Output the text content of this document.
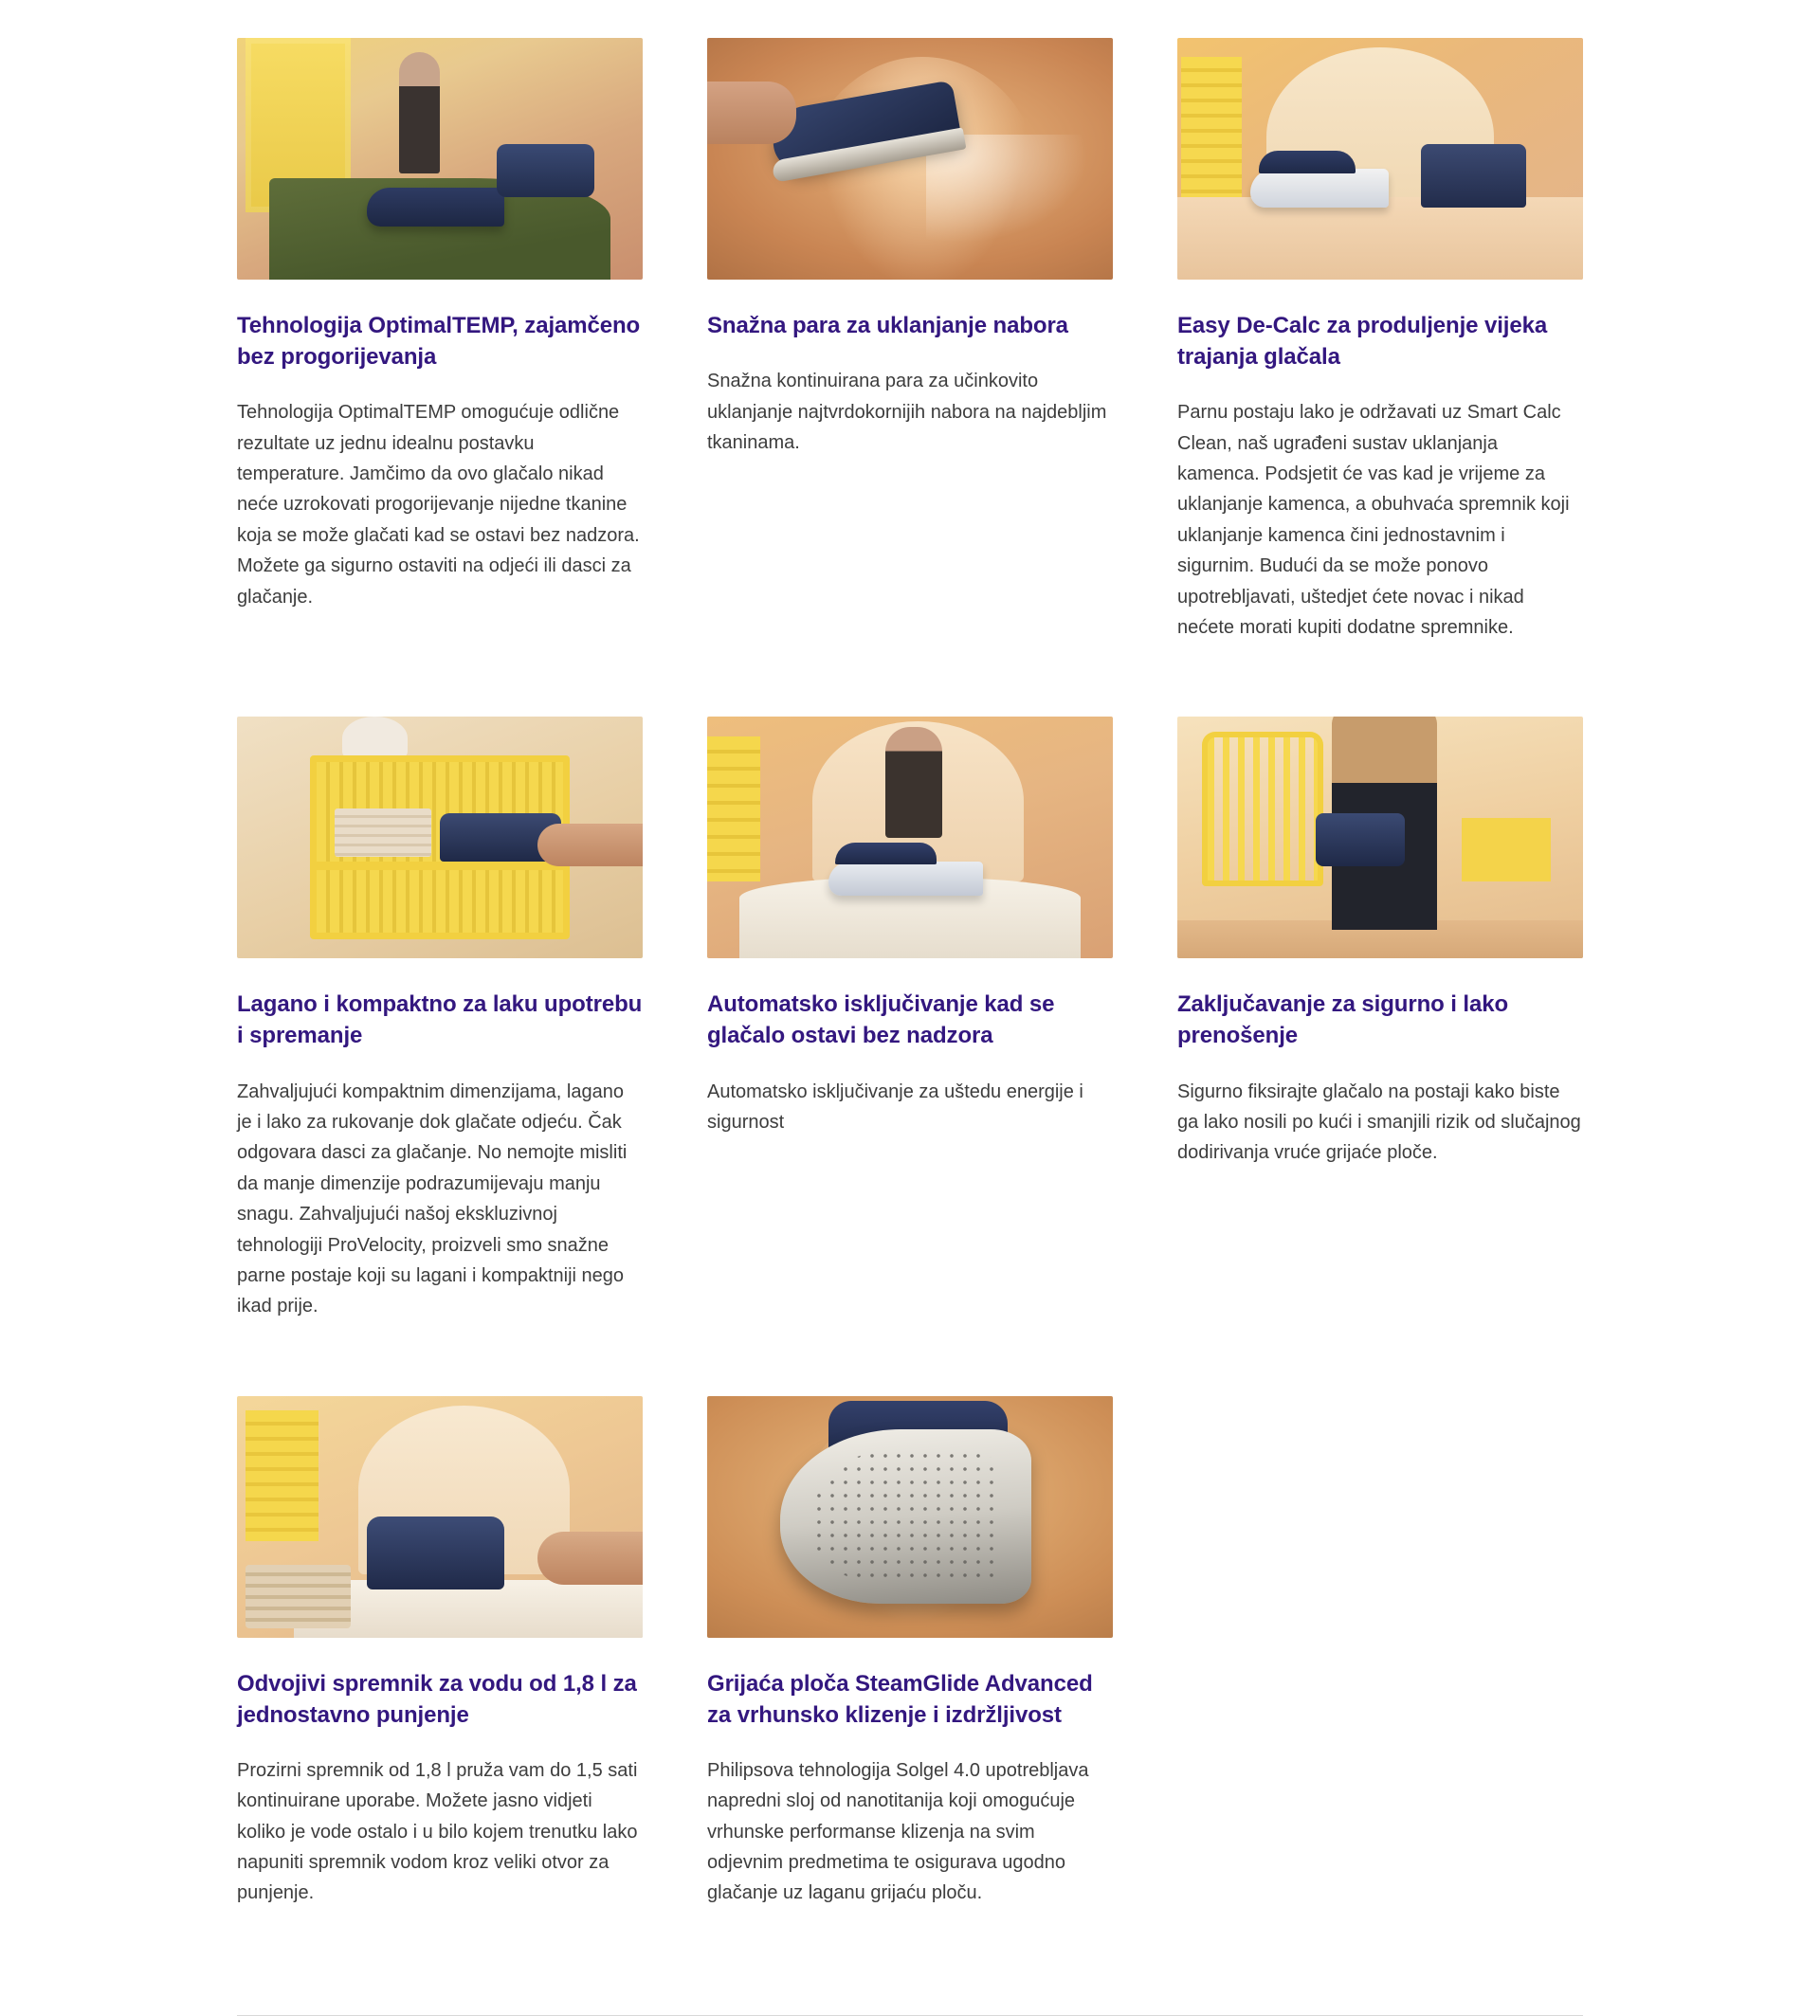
Tehnologija OptimalTEMP, zajamčeno bez progorijevanja

Tehnologija OptimalTEMP omogućuje odlične rezultate uz jednu idealnu postavku temperature. Jamčimo da ovo glačalo nikad neće uzrokovati progorijevanje nijedne tkanine koja se može glačati kad se ostavi bez nadzora. Možete ga sigurno ostaviti na odjeći ili dasci za glačanje.

Snažna para za uklanjanje nabora

Snažna kontinuirana para za učinkovito uklanjanje najtvrdokornijih nabora na najdebljim tkaninama.

Easy De-Calc za produljenje vijeka trajanja glačala

Parnu postaju lako je održavati uz Smart Calc Clean, naš ugrađeni sustav uklanjanja kamenca. Podsjetit će vas kad je vrijeme za uklanjanje kamenca, a obuhvaća spremnik koji uklanjanje kamenca čini jednostavnim i sigurnim. Budući da se može ponovo upotrebljavati, uštedjet ćete novac i nikad nećete morati kupiti dodatne spremnike.

Lagano i kompaktno za laku upotrebu i spremanje

Zahvaljujući kompaktnim dimenzijama, lagano je i lako za rukovanje dok glačate odjeću. Čak odgovara dasci za glačanje. No nemojte misliti da manje dimenzije podrazumijevaju manju snagu. Zahvaljujući našoj ekskluzivnoj tehnologiji ProVelocity, proizveli smo snažne parne postaje koji su lagani i kompaktniji nego ikad prije.

Automatsko isključivanje kad se glačalo ostavi bez nadzora

Automatsko isključivanje za uštedu energije i sigurnost

Zaključavanje za sigurno i lako prenošenje

Sigurno fiksirajte glačalo na postaji kako biste ga lako nosili po kući i smanjili rizik od slučajnog dodirivanja vruće grijaće ploče.

Odvojivi spremnik za vodu od 1,8 l za jednostavno punjenje

Prozirni spremnik od 1,8 l pruža vam do 1,5 sati kontinuirane uporabe. Možete jasno vidjeti koliko je vode ostalo i u bilo kojem trenutku lako napuniti spremnik vodom kroz veliki otvor za punjenje.

Grijaća ploča SteamGlide Advanced za vrhunsko klizenje i izdržljivost

Philipsova tehnologija Solgel 4.0 upotrebljava napredni sloj od nanotitanija koji omogućuje vrhunske performanse klizenja na svim odjevnim predmetima te osigurava ugodno glačanje uz laganu grijaću ploču.
